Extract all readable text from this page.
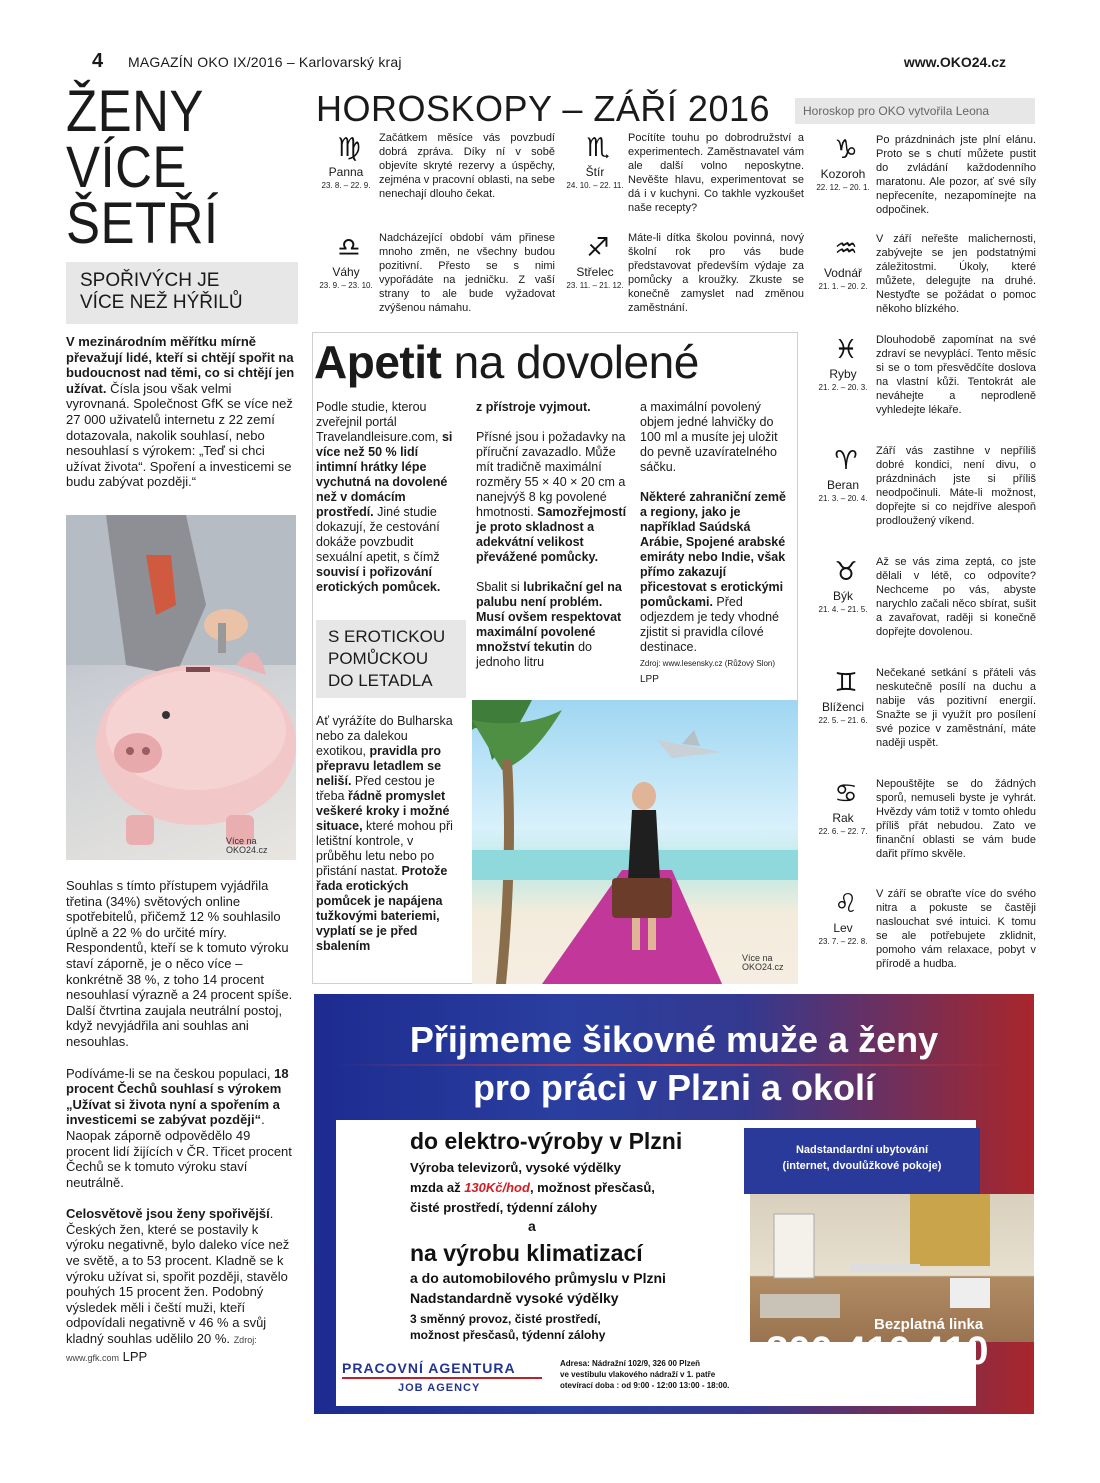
4 MAGAZÍN OKO IX/2016 – Karlovarský kraj	www.OKO24.cz
ŽENY
VÍCE
ŠETŘÍ
SPOŘIVÝCH JE
VÍCE NEŽ HÝŘILŮ
V mezinárodním měřítku mírně převažují lidé, kteří si chtějí spořit na budoucnost nad těmi, co si chtějí jen užívat. Čísla jsou však velmi vyrovnaná. Společnost GfK se více než 27 000 uživatelů internetu z 22 zemí dotazovala, nakolik souhlasí, nebo nesouhlasí s výrokem: „Teď si chci užívat života“. Spoření a investicemi se budu zabývat později.“
Více na
OKO24.cz

Souhlas s tímto přístupem vyjádřila třetina (34%) světových online spotřebitelů, přičemž 12 % souhlasilo úplně a 22 % do určité míry. Respondentů, kteří se k tomuto výroku staví záporně, je o něco více – konkrétně 38 %, z toho 14 procent nesouhlasí výrazně a 24 procent spíše. Další čtvrtina zaujala neutrální postoj, když nevyjádřila ani souhlas ani nesouhlas.

Podíváme-li se na českou populaci, 18 procent Čechů souhlasí s výrokem „Užívat si života nyní a spořením a investicemi se zabývat později“. Naopak záporně odpovědělo 49 procent lidí žijících v ČR. Třicet procent Čechů se k tomuto výroku staví neutrálně.

Celosvětově jsou ženy spořivější. Českých žen, které se postavily k výroku negativně, bylo daleko více než ve světě, a to 53 procent. Kladně se k výroku užívat si, spořit později, stavělo pouhých 15 procent žen. Podobný výsledek měli i čeští muži, kteří odpovídali negativně v 46 % a svůj kladný souhlas udělilo 20 %. Zdroj: www.gfk.com LPP

HOROSKOPY – ZÁŘÍ 2016	Horoskop pro OKO vytvořila Leona
♍
Panna
23. 8. – 22. 9.
Začátkem měsíce vás povzbudí dobrá zpráva. Díky ní v sobě objevíte skryté rezervy a úspěchy, zejména v pracovní oblasti, na sebe nenechají dlouho čekat.
♎
Váhy
23. 9. – 23. 10.
Nadcházející období vám přinese mnoho změn, ne všechny budou pozitivní. Přesto se s nimi vypořádáte na jedničku. Z vaší strany to ale bude vyžadovat zvýšenou námahu.
♏
Štír
24. 10. – 22. 11.
Pocítíte touhu po dobrodružství a experimentech. Zaměstnavatel vám ale další volno neposkytne. Nevěšte hlavu, experimentovat se dá i v kuchyni. Co takhle vyzkoušet naše recepty?
♐
Střelec
23. 11. – 21. 12.
Máte-li dítka školou povinná, nový školní rok pro vás bude představovat především výdaje za pomůcky a kroužky. Zkuste se konečně zamyslet nad změnou zaměstnání.
♑
Kozoroh
22. 12. – 20. 1.
Po prázdninách jste plní elánu. Proto se s chutí můžete pustit do zvládání každodenního maratonu. Ale pozor, ať své síly nepřeceníte, nezapomínejte na odpočinek.
♒
Vodnář
21. 1. – 20. 2.
V září neřešte malichernosti, zabývejte se jen podstatnými záležitostmi. Úkoly, které můžete, delegujte na druhé. Nestyďte se požádat o pomoc někoho blízkého.
♓
Ryby
21. 2. – 20. 3.
Dlouhodobě zapomínat na své zdraví se nevyplácí. Tento měsíc si se o tom přesvědčíte doslova na vlastní kůži. Tentokrát ale neváhejte a neprodleně vyhledejte lékaře.
♈
Beran
21. 3. – 20. 4.
Září vás zastihne v nepříliš dobré kondici, není divu, o prázdninách jste si příliš neodpočinuli. Máte-li možnost, dopřejte si co nejdříve alespoň prodloužený víkend.
♉
Býk
21. 4. – 21. 5.
Až se vás zima zeptá, co jste dělali v létě, co odpovíte? Nechceme po vás, abyste narychlo začali něco sbírat, sušit a zavařovat, raději si konečně dopřejte dovolenou.
♊
Blíženci
22. 5. – 21. 6.
Nečekané setkání s přáteli vás neskutečně posílí na duchu a nabije vás pozitivní energií. Snažte se ji využít pro posílení své pozice v zaměstnání, máte naději uspět.
♋
Rak
22. 6. – 22. 7.
Nepouštějte se do žádných sporů, nemuseli byste je vyhrát. Hvězdy vám totiž v tomto ohledu příliš přát nebudou. Zato ve finanční oblasti se vám bude dařit přímo skvěle.
♌
Lev
23. 7. – 22. 8.
V září se obraťte více do svého nitra a pokuste se častěji naslouchat své intuici. K tomu se ale potřebujete zklidnit, pomoho vám relaxace, pobyt v přírodě a hudba.
Apetit na dovolené
Podle studie, kterou zveřejnil portál Travelandleisure.com, si více než 50 % lidí intimní hrátky lépe vychutná na dovolené než v domácím prostředí. Jiné studie dokazují, že cestování dokáže povzbudit sexuální apetit, s čímž souvisí i pořizování erotických pomůcek.
S EROTICKOU
POMŮCKOU
DO LETADLA
Ať vyrážíte do Bulharska nebo za dalekou exotikou, pravidla pro přepravu letadlem se neliší. Před cestou je třeba řádně promyslet veškeré kroky i možné situace, které mohou při letištní kontrole, v průběhu letu nebo po přistání nastat. Protože řada erotických pomůcek je napájena tužkovými bateriemi, vyplatí se je před sbalením
z přístroje vyjmout.

Přísné jsou i požadavky na příruční zavazadlo. Může mít tradičně maximální rozměry 55 × 40 × 20 cm a nanejvýš 8 kg povolené hmotnosti. Samozřejmostí je proto skladnost a adekvátní velikost převážené pomůcky.

Sbalit si lubrikační gel na palubu není problém. Musí ovšem respektovat maximální povolené množství tekutin do jednoho litru
a maximální povolený objem jedné lahvičky do 100 ml a musíte jej uložit do pevně uzavíratelného sáčku.

Některé zahraniční země a regiony, jako je například Saúdská Arábie, Spojené arabské emiráty nebo Indie, však přímo zakazují přicestovat s erotickými pomůckami. Před odjezdem je tedy vhodné zjistit si pravidla cílové destinace.
Zdroj: www.lesensky.cz (Růžový Slon) LPP
Více na
OKO24.cz
Přijmeme šikovné muže a ženy
pro práci v Plzni a okolí
Nadstandardní ubytování
(internet, dvoulůžkové pokoje)
do elektro-výroby v Plzni
Výroba televizorů, vysoké výdělky
mzda až 130Kč/hod, možnost přesčasů,
čisté prostředí, týdenní zálohy
a
na výrobu klimatizací
a do automobilového průmyslu v Plzni
Nadstandardně vysoké výdělky
3 směnný provoz, čisté prostředí,
možnost přesčasů, týdenní zálohy
PRACOVNÍ AGENTURA
JOB AGENCY
Adresa: Nádražní 102/9, 326 00 Plzeň
ve vestibulu vlakového nádraží v 1. patře
otevírací doba : od 9:00 - 12:00 13:00 - 18:00.
Bezplatná linka
800 410 410
nabor@jobagency.info
